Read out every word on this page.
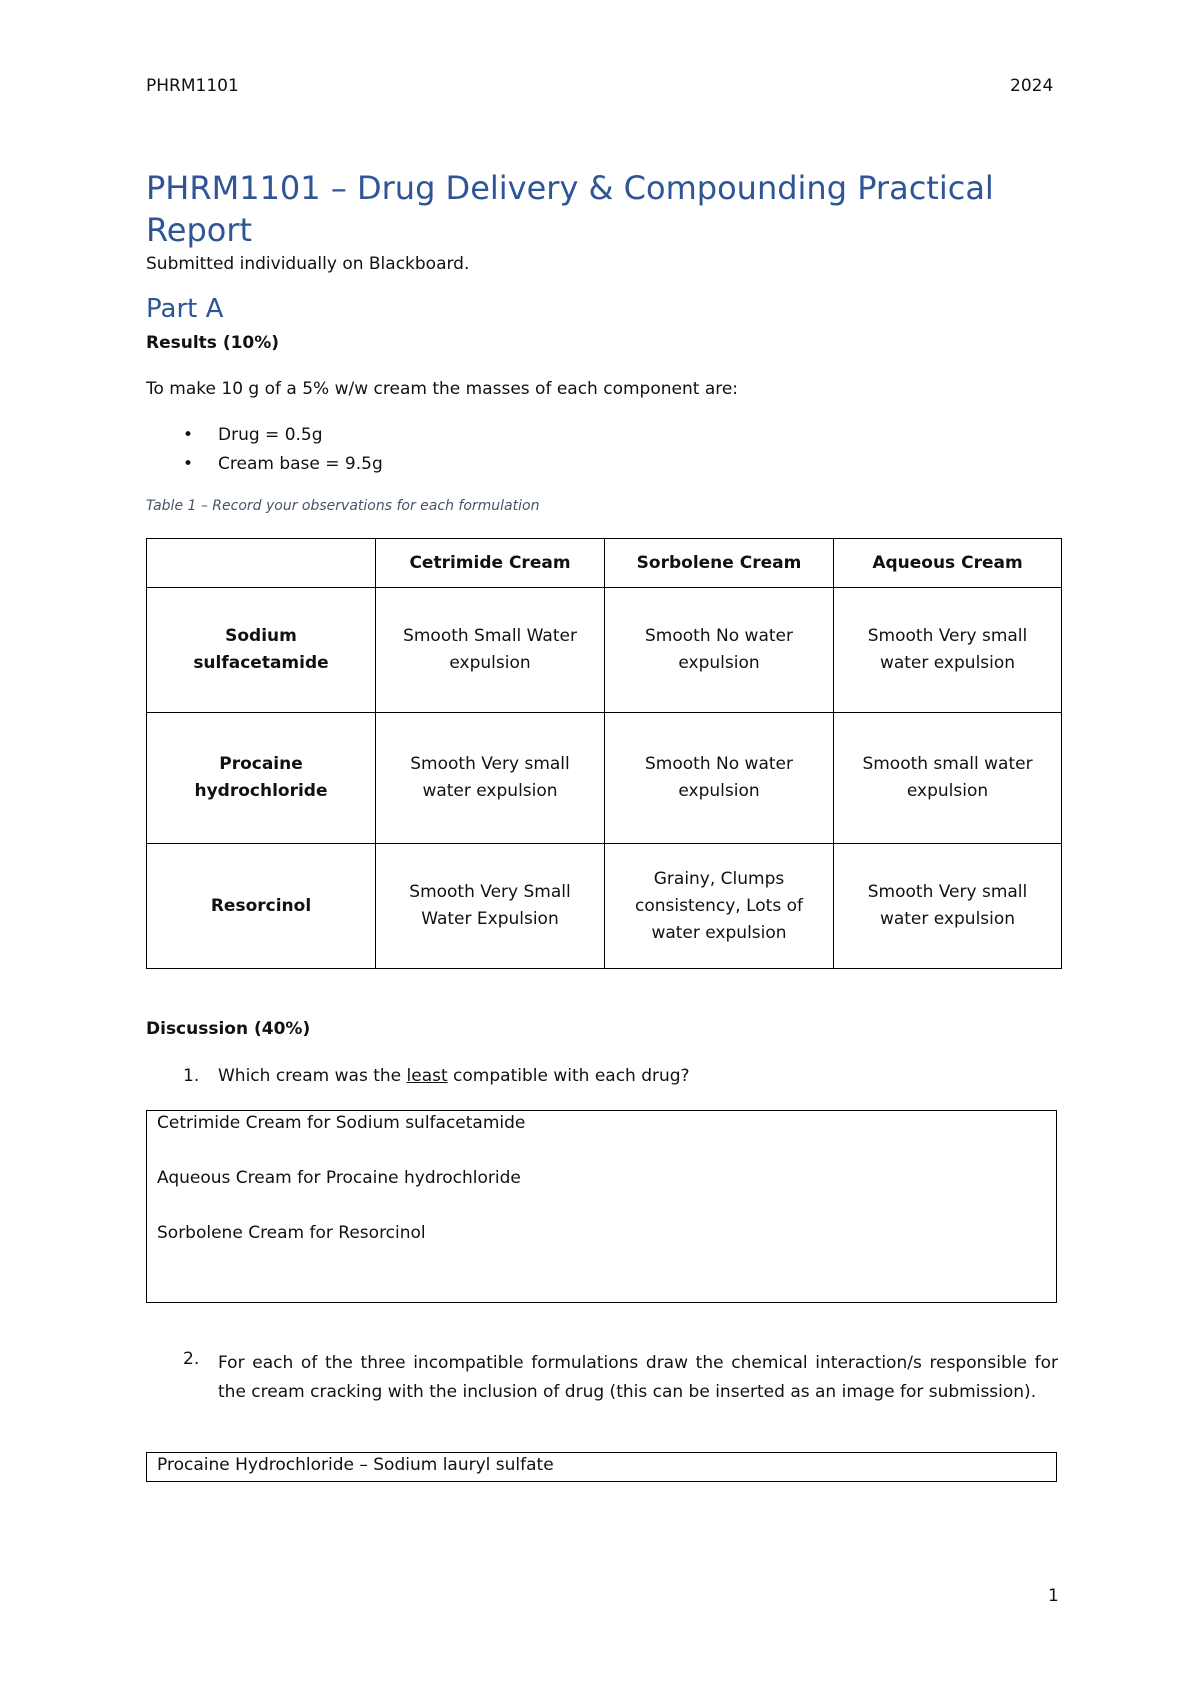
PHRM1101	2024
PHRM1101 – Drug Delivery & Compounding Practical Report
Submitted individually on Blackboard.
Part A
Results (10%)
To make 10 g of a 5% w/w cream the masses of each component are:
• Drug = 0.5g
• Cream base = 9.5g
Table 1 – Record your observations for each formulation
	Cetrimide Cream	Sorbolene Cream	Aqueous Cream
Sodium sulfacetamide	Smooth Small Water expulsion	Smooth No water expulsion	Smooth Very small water expulsion
Procaine hydrochloride	Smooth Very small water expulsion	Smooth No water expulsion	Smooth small water expulsion
Resorcinol	Smooth Very Small Water Expulsion	Grainy, Clumps consistency, Lots of water expulsion	Smooth Very small water expulsion
Discussion (40%)
1. Which cream was the least compatible with each drug?
Cetrimide Cream for Sodium sulfacetamide
Aqueous Cream for Procaine hydrochloride
Sorbolene Cream for Resorcinol
2. For each of the three incompatible formulations draw the chemical interaction/s responsible for the cream cracking with the inclusion of drug (this can be inserted as an image for submission).
Procaine Hydrochloride – Sodium lauryl sulfate
1
